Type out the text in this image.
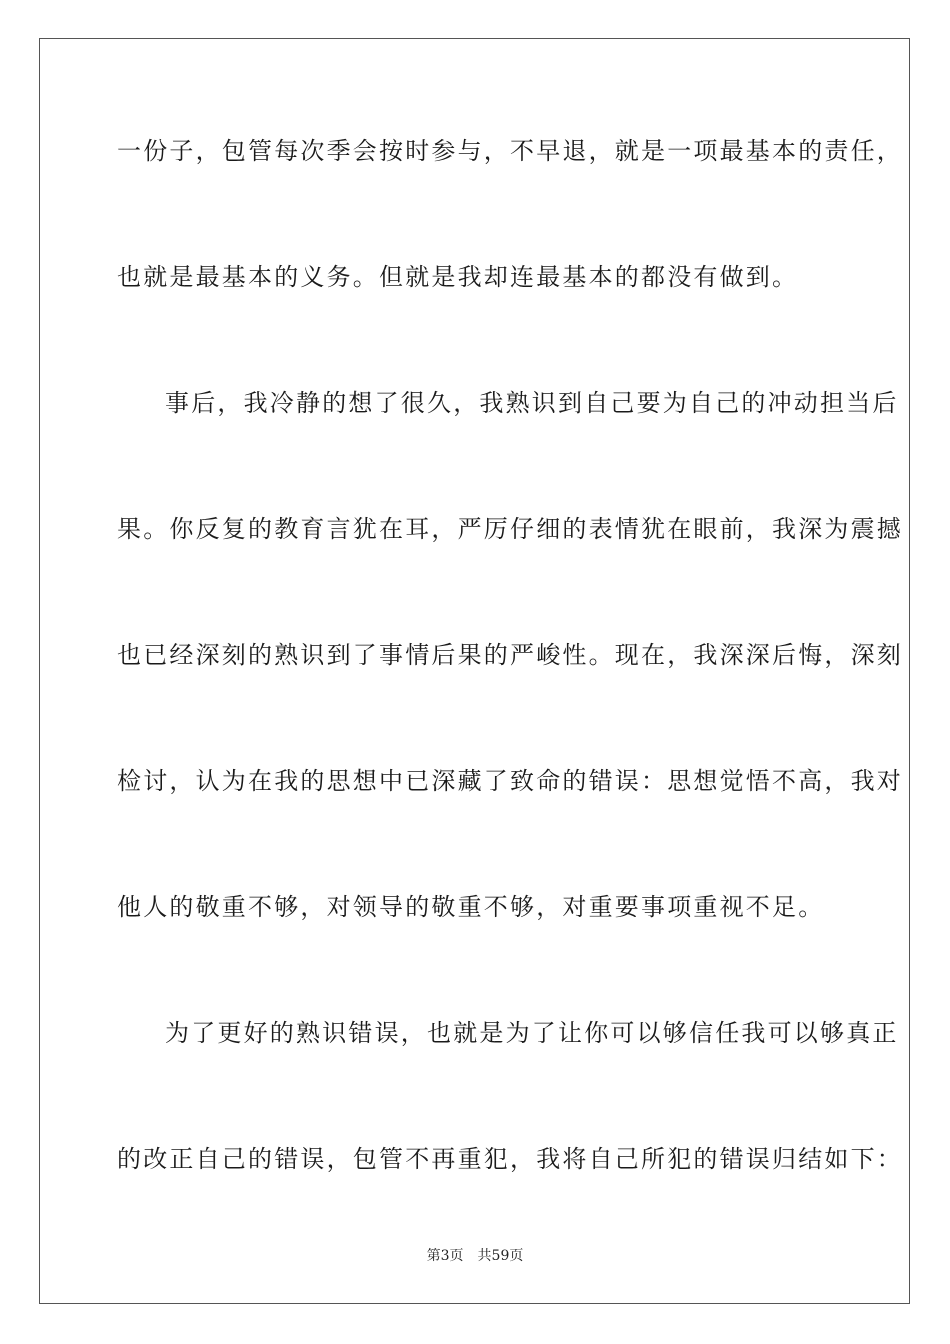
一份子，包管每次季会按时参与，不早退，就是一项最基本的责任，
也就是最基本的义务。但就是我却连最基本的都没有做到。
事后，我冷静的想了很久，我熟识到自己要为自己的冲动担当后
果。你反复的教育言犹在耳，严厉仔细的表情犹在眼前，我深为震撼
也已经深刻的熟识到了事情后果的严峻性。现在，我深深后悔，深刻
检讨，认为在我的思想中已深藏了致命的错误：思想觉悟不高，我对
他人的敬重不够，对领导的敬重不够，对重要事项重视不足。
为了更好的熟识错误，也就是为了让你可以够信任我可以够真正
的改正自己的错误，包管不再重犯，我将自己所犯的错误归结如下：
第3页 共59页
